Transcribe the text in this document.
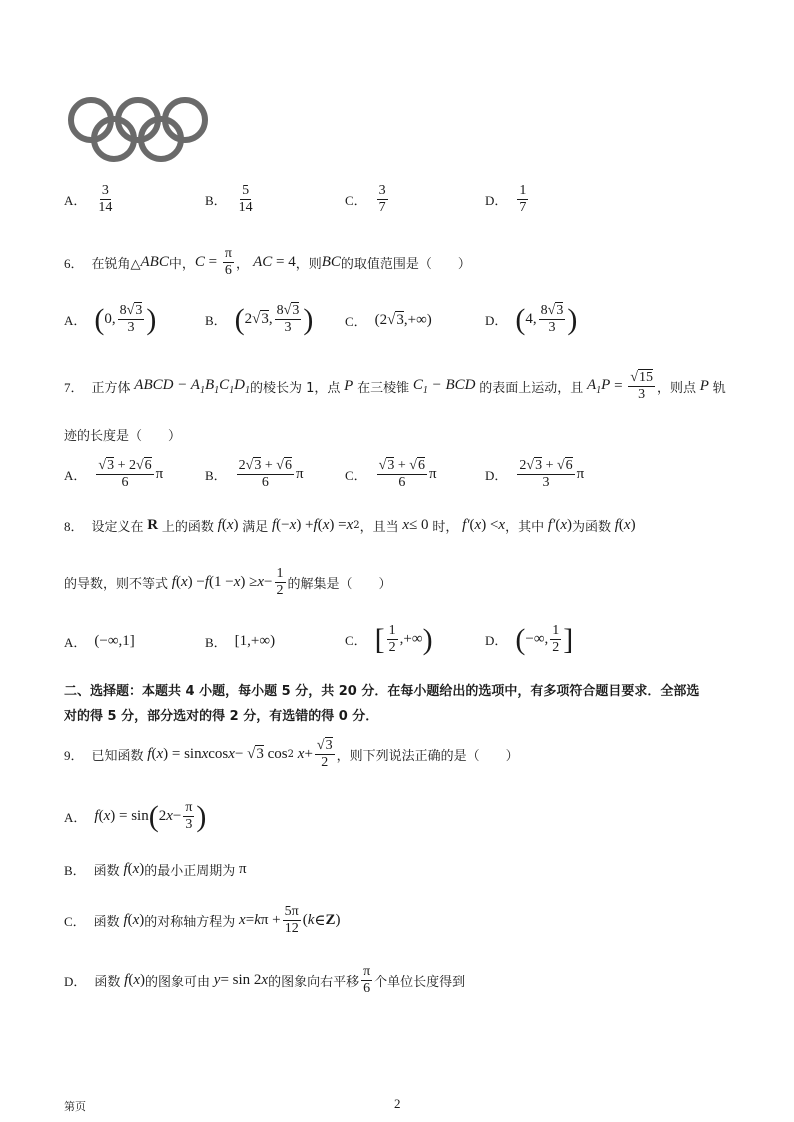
A． $\frac{3}{14}$	B． $\frac{5}{14}$	C． $\frac{3}{7}$	D． $\frac{1}{7}$
6． 在锐角△ ABC 中， $C = \frac{\pi}{6}$ ，
AC = 4 ，则 BC 的取值范围是（　　）
A． ( 0, $\frac{8√3}{3}$ )	B． ( 2√3, $\frac{8√3}{3}$ ) C． (2√3,+∞)	D． ( 4, $\frac{8√3}{3}$ )
7． 正方体 ABCD − $A_1B_1C_1D_1$ 的棱长为 1，点 P 在三棱锥 $C_1$ − BCD 的表面上运动，且 $A_1P = \frac{√15}{3}$ ，则点 P 轨
迹的长度是（　　）
A． $\frac{√3 + 2√6}{6}$ π	B． $\frac{2√3 + √6}{6}$ π	C． $\frac{√3 + √6}{6}$ π	D． $\frac{2√3 + √6}{3}$ π
8． 设定义在 R 上的函数 f ( x ) 满足 f (− x ) + f ( x ) = x 2 ，且当 x ≤ 0 时， f′ ( x ) < x ，其中 f′ ( x ) 为函数 f ( x )
的导数，则不等式 f ( x ) − f (1 − x ) ≥ $x - \frac{1}{2}$ 的解集是（　　）
A． (−∞,1]	B． [1,+∞)	C． [ $\frac{1}{2}$ ,+∞ )	D． ( −∞, $\frac{1}{2}$ ]
二、选择题：本题共 4 小题，每小题 5 分，共 20 分．在每小题给出的选项中，有多项符合题目要求．全部选
对的得 5 分，部分选对的得 2 分，有选错的得 0 分．
9． 已知函数 f ( x ) = sin x cos x − √3 cos 2 $x + \frac{√3}{2}$ ，则下列说法正确的是（　　）
A． f ( x ) = sin ( 2 $x - \frac{\pi}{3}$ )
B． 函数 f ( x ) 的最小正周期为 π
C． 函数 f ( x ) 的对称轴方程为 x = k $\pi + \frac{5\pi}{12}$ ( k ∈ Z )
D． 函数 f ( x ) 的图象可由 y = sin 2 x 的图象向右平移 $\frac{\pi}{6}$ 个单位长度得到
第页	2
